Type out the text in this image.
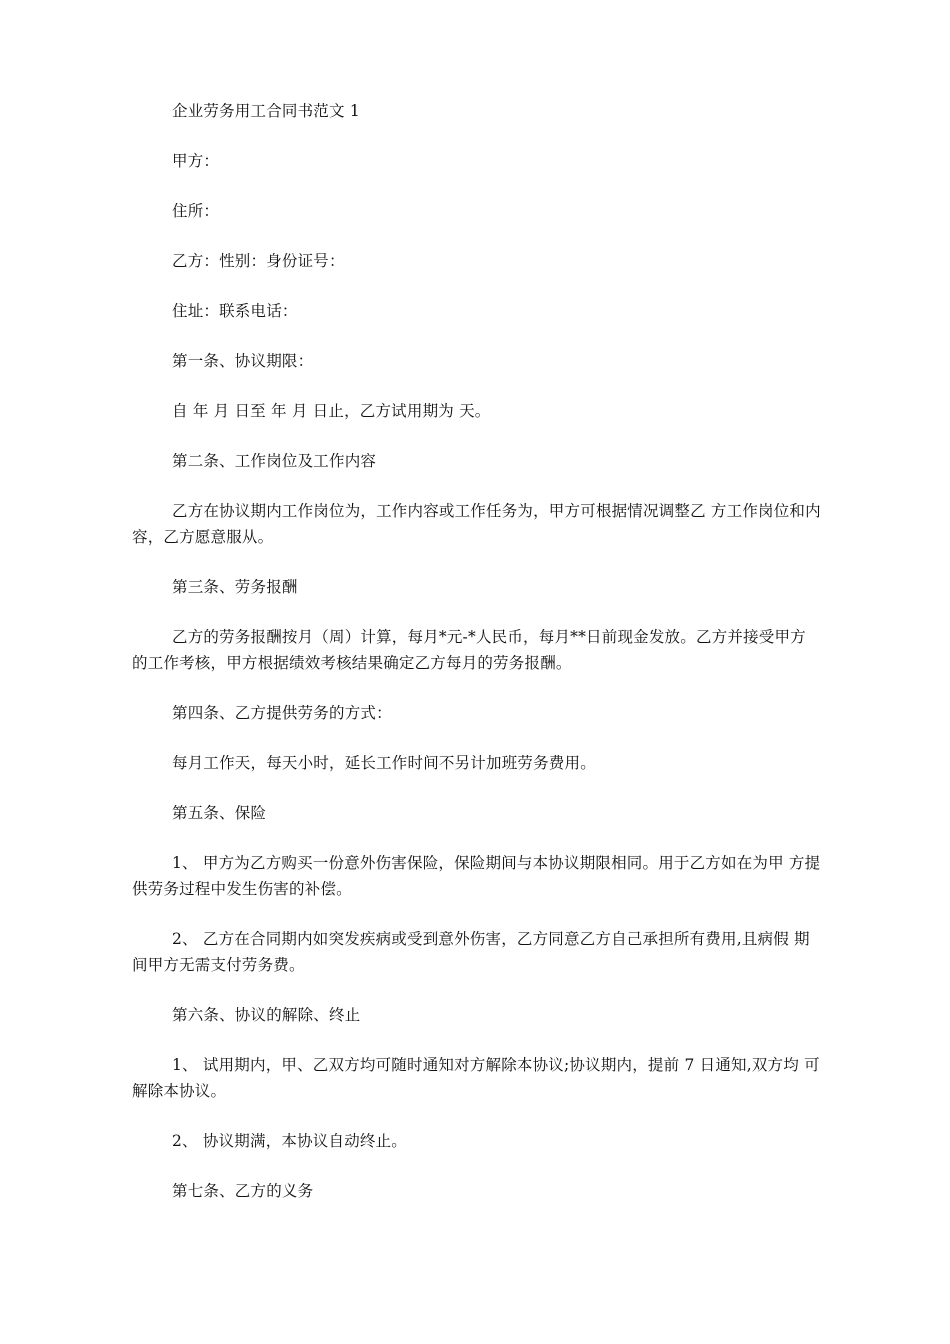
企业劳务用工合同书范文 1

甲方：

住所：

乙方：性别：身份证号：

住址：联系电话：

第一条、协议期限：

自 年 月 日至 年 月 日止，乙方试用期为 天。

第二条、工作岗位及工作内容

乙方在协议期内工作岗位为，工作内容或工作任务为，甲方可根据情况调整乙 方工作岗位和内容，乙方愿意服从。

第三条、劳务报酬

乙方的劳务报酬按月（周）计算，每月*元-*人民币，每月**日前现金发放。乙方并接受甲方 的工作考核，甲方根据绩效考核结果确定乙方每月的劳务报酬。

第四条、乙方提供劳务的方式：

每月工作天，每天小时，延长工作时间不另计加班劳务费用。

第五条、保险

1、 甲方为乙方购买一份意外伤害保险，保险期间与本协议期限相同。用于乙方如在为甲 方提供劳务过程中发生伤害的补偿。

2、 乙方在合同期内如突发疾病或受到意外伤害，乙方同意乙方自己承担所有费用,且病假 期间甲方无需支付劳务费。

第六条、协议的解除、终止

1、 试用期内，甲、乙双方均可随时通知对方解除本协议;协议期内，提前 7 日通知,双方均 可解除本协议。

2、 协议期满，本协议自动终止。

第七条、乙方的义务
